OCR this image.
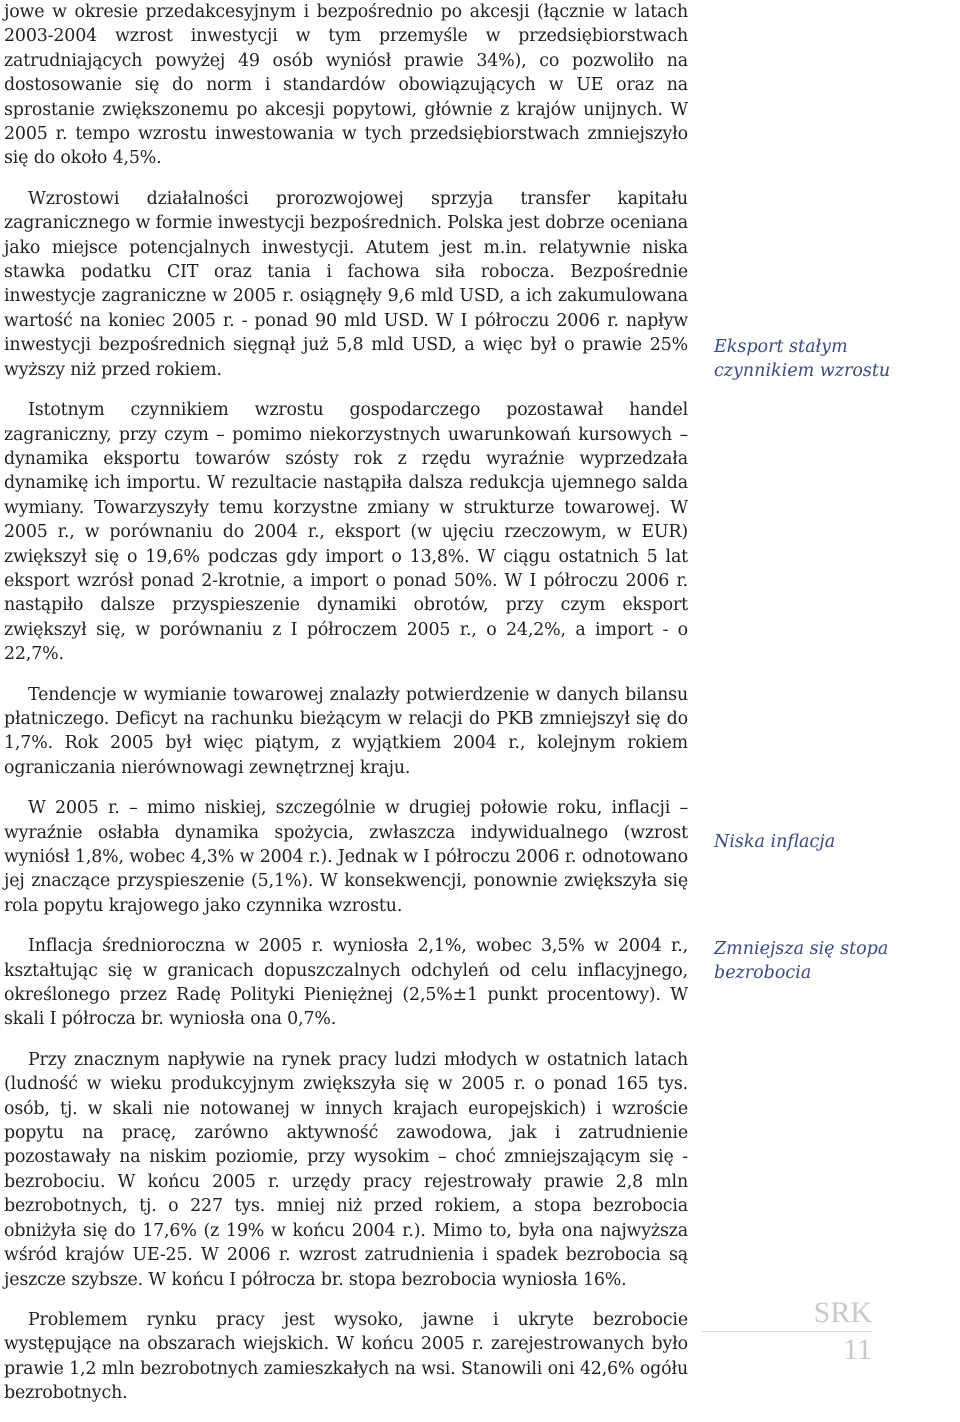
jowe w okresie przedakcesyjnym i bezpośrednio po akcesji (łącznie w latach 2003-2004 wzrost inwestycji w tym przemyśle w przedsiębiorstwach zatrudniających powyżej 49 osób wyniósł prawie 34%), co pozwoliło na dostosowanie się do norm i standardów obowiązujących w UE oraz na sprostanie zwiększonemu po akcesji popytowi, głównie z krajów unijnych. W 2005 r. tempo wzrostu inwestowania w tych przedsiębiorstwach zmniejszyło się do około 4,5%.

Wzrostowi działalności prorozwojowej sprzyja transfer kapitału zagranicznego w formie inwestycji bezpośrednich. Polska jest dobrze oceniana jako miejsce potencjalnych inwestycji. Atutem jest m.in. relatywnie niska stawka podatku CIT oraz tania i fachowa siła robocza. Bezpośrednie inwestycje zagraniczne w 2005 r. osiągnęły 9,6 mld USD, a ich zakumulowana wartość na koniec 2005 r. - ponad 90 mld USD. W I półroczu 2006 r. napływ inwestycji bezpośrednich sięgnął już 5,8 mld USD, a więc był o prawie 25% wyższy niż przed rokiem.

Istotnym czynnikiem wzrostu gospodarczego pozostawał handel zagraniczny, przy czym – pomimo niekorzystnych uwarunkowań kursowych – dynamika eksportu towarów szósty rok z rzędu wyraźnie wyprzedzała dynamikę ich importu. W rezultacie nastąpiła dalsza redukcja ujemnego salda wymiany. Towarzyszyły temu korzystne zmiany w strukturze towarowej. W 2005 r., w porównaniu do 2004 r., eksport (w ujęciu rzeczowym, w EUR) zwiększył się o 19,6% podczas gdy import o 13,8%. W ciągu ostatnich 5 lat eksport wzrósł ponad 2-krotnie, a import o ponad 50%. W I półroczu 2006 r. nastąpiło dalsze przyspieszenie dynamiki obrotów, przy czym eksport zwiększył się, w porównaniu z I półroczem 2005 r., o 24,2%, a import - o 22,7%.

Tendencje w wymianie towarowej znalazły potwierdzenie w danych bilansu płatniczego. Deficyt na rachunku bieżącym w relacji do PKB zmniejszył się do 1,7%. Rok 2005 był więc piątym, z wyjątkiem 2004 r., kolejnym rokiem ograniczania nierównowagi zewnętrznej kraju.

W 2005 r. – mimo niskiej, szczególnie w drugiej połowie roku, inflacji – wyraźnie osłabła dynamika spożycia, zwłaszcza indywidualnego (wzrost wyniósł 1,8%, wobec 4,3% w 2004 r.). Jednak w I półroczu 2006 r. odnotowano jej znaczące przyspieszenie (5,1%). W konsekwencji, ponownie zwiększyła się rola popytu krajowego jako czynnika wzrostu.

Inflacja średnioroczna w 2005 r. wyniosła 2,1%, wobec 3,5% w 2004 r., kształtując się w granicach dopuszczalnych odchyleń od celu inflacyjnego, określonego przez Radę Polityki Pieniężnej (2,5%±1 punkt procentowy). W skali I półrocza br. wyniosła ona 0,7%.

Przy znacznym napływie na rynek pracy ludzi młodych w ostatnich latach (ludność w wieku produkcyjnym zwiększyła się w 2005 r. o ponad 165 tys. osób, tj. w skali nie notowanej w innych krajach europejskich) i wzroście popytu na pracę, zarówno aktywność zawodowa, jak i zatrudnienie pozostawały na niskim poziomie, przy wysokim – choć zmniejszającym się - bezrobociu. W końcu 2005 r. urzędy pracy rejestrowały prawie 2,8 mln bezrobotnych, tj. o 227 tys. mniej niż przed rokiem, a stopa bezrobocia obniżyła się do 17,6% (z 19% w końcu 2004 r.). Mimo to, była ona najwyższa wśród krajów UE-25. W 2006 r. wzrost zatrudnienia i spadek bezrobocia są jeszcze szybsze. W końcu I półrocza br. stopa bezrobocia wyniosła 16%.

Problemem rynku pracy jest wysoko, jawne i ukryte bezrobocie występujące na obszarach wiejskich. W końcu 2005 r. zarejestrowanych było prawie 1,2 mln bezrobotnych zamieszkałych na wsi. Stanowili oni 42,6% ogółu bezrobotnych.

Eksport stałym czynnikiem wzrostu
Niska inflacja
Zmniejsza się stopa bezrobocia
SRK
11
